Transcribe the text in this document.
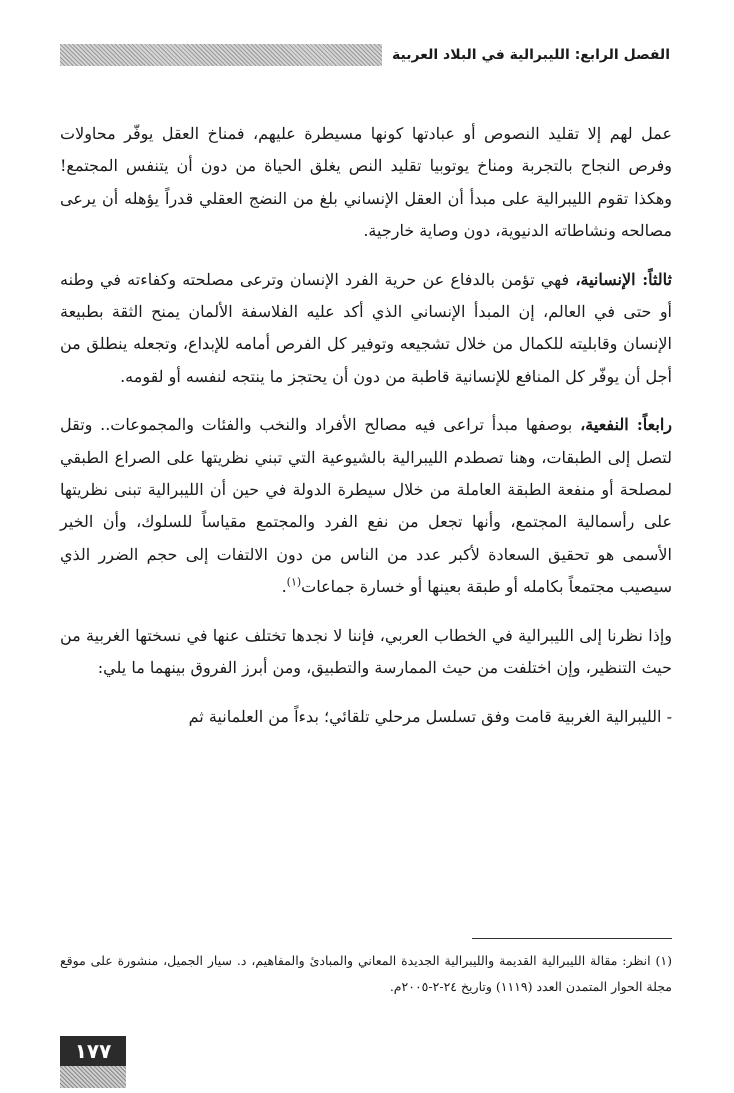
الفصل الرابع: الليبرالية في البلاد العربية

عمل لهم إلا تقليد النصوص أو عبادتها كونها مسيطرة عليهم، فمناخ العقل يوفّر محاولات وفرص النجاح بالتجربة ومناخ يوتوبيا تقليد النص يغلق الحياة من دون أن يتنفس المجتمع! وهكذا تقوم الليبرالية على مبدأ أن العقل الإنساني بلغ من النضج العقلي قدراً يؤهله أن يرعى مصالحه ونشاطاته الدنيوية، دون وصاية خارجية.

ثالثاً: الإنسانية، فهي تؤمن بالدفاع عن حرية الفرد الإنسان وترعى مصلحته وكفاءته في وطنه أو حتى في العالم، إن المبدأ الإنساني الذي أكد عليه الفلاسفة الألمان يمنح الثقة بطبيعة الإنسان وقابليته للكمال من خلال تشجيعه وتوفير كل الفرص أمامه للإبداع، وتجعله ينطلق من أجل أن يوفّر كل المنافع للإنسانية قاطبة من دون أن يحتجز ما ينتجه لنفسه أو لقومه.

رابعاً: النفعية، بوصفها مبدأ تراعى فيه مصالح الأفراد والنخب والفئات والمجموعات.. وتقل لتصل إلى الطبقات، وهنا تصطدم الليبرالية بالشيوعية التي تبني نظريتها على الصراع الطبقي لمصلحة أو منفعة الطبقة العاملة من خلال سيطرة الدولة في حين أن الليبرالية تبنى نظريتها على رأسمالية المجتمع، وأنها تجعل من نفع الفرد والمجتمع مقياساً للسلوك، وأن الخير الأسمى هو تحقيق السعادة لأكبر عدد من الناس من دون الالتفات إلى حجم الضرر الذي سيصيب مجتمعاً بكامله أو طبقة بعينها أو خسارة جماعات$^{(١)}$.

وإذا نظرنا إلى الليبرالية في الخطاب العربي، فإننا لا نجدها تختلف عنها في نسختها الغربية من حيث التنظير، وإن اختلفت من حيث الممارسة والتطبيق، ومن أبرز الفروق بينهما ما يلي:

- الليبرالية الغربية قامت وفق تسلسل مرحلي تلقائي؛ بدءاً من العلمانية ثم

(١) انظر: مقالة الليبرالية القديمة والليبرالية الجديدة المعاني والمبادئ والمفاهيم، د. سيار الجميل، منشورة على موقع مجلة الحوار المتمدن العدد (١١١٩) وتاريخ ٢٤-٢-٢٠٠٥م.
١٧٧
